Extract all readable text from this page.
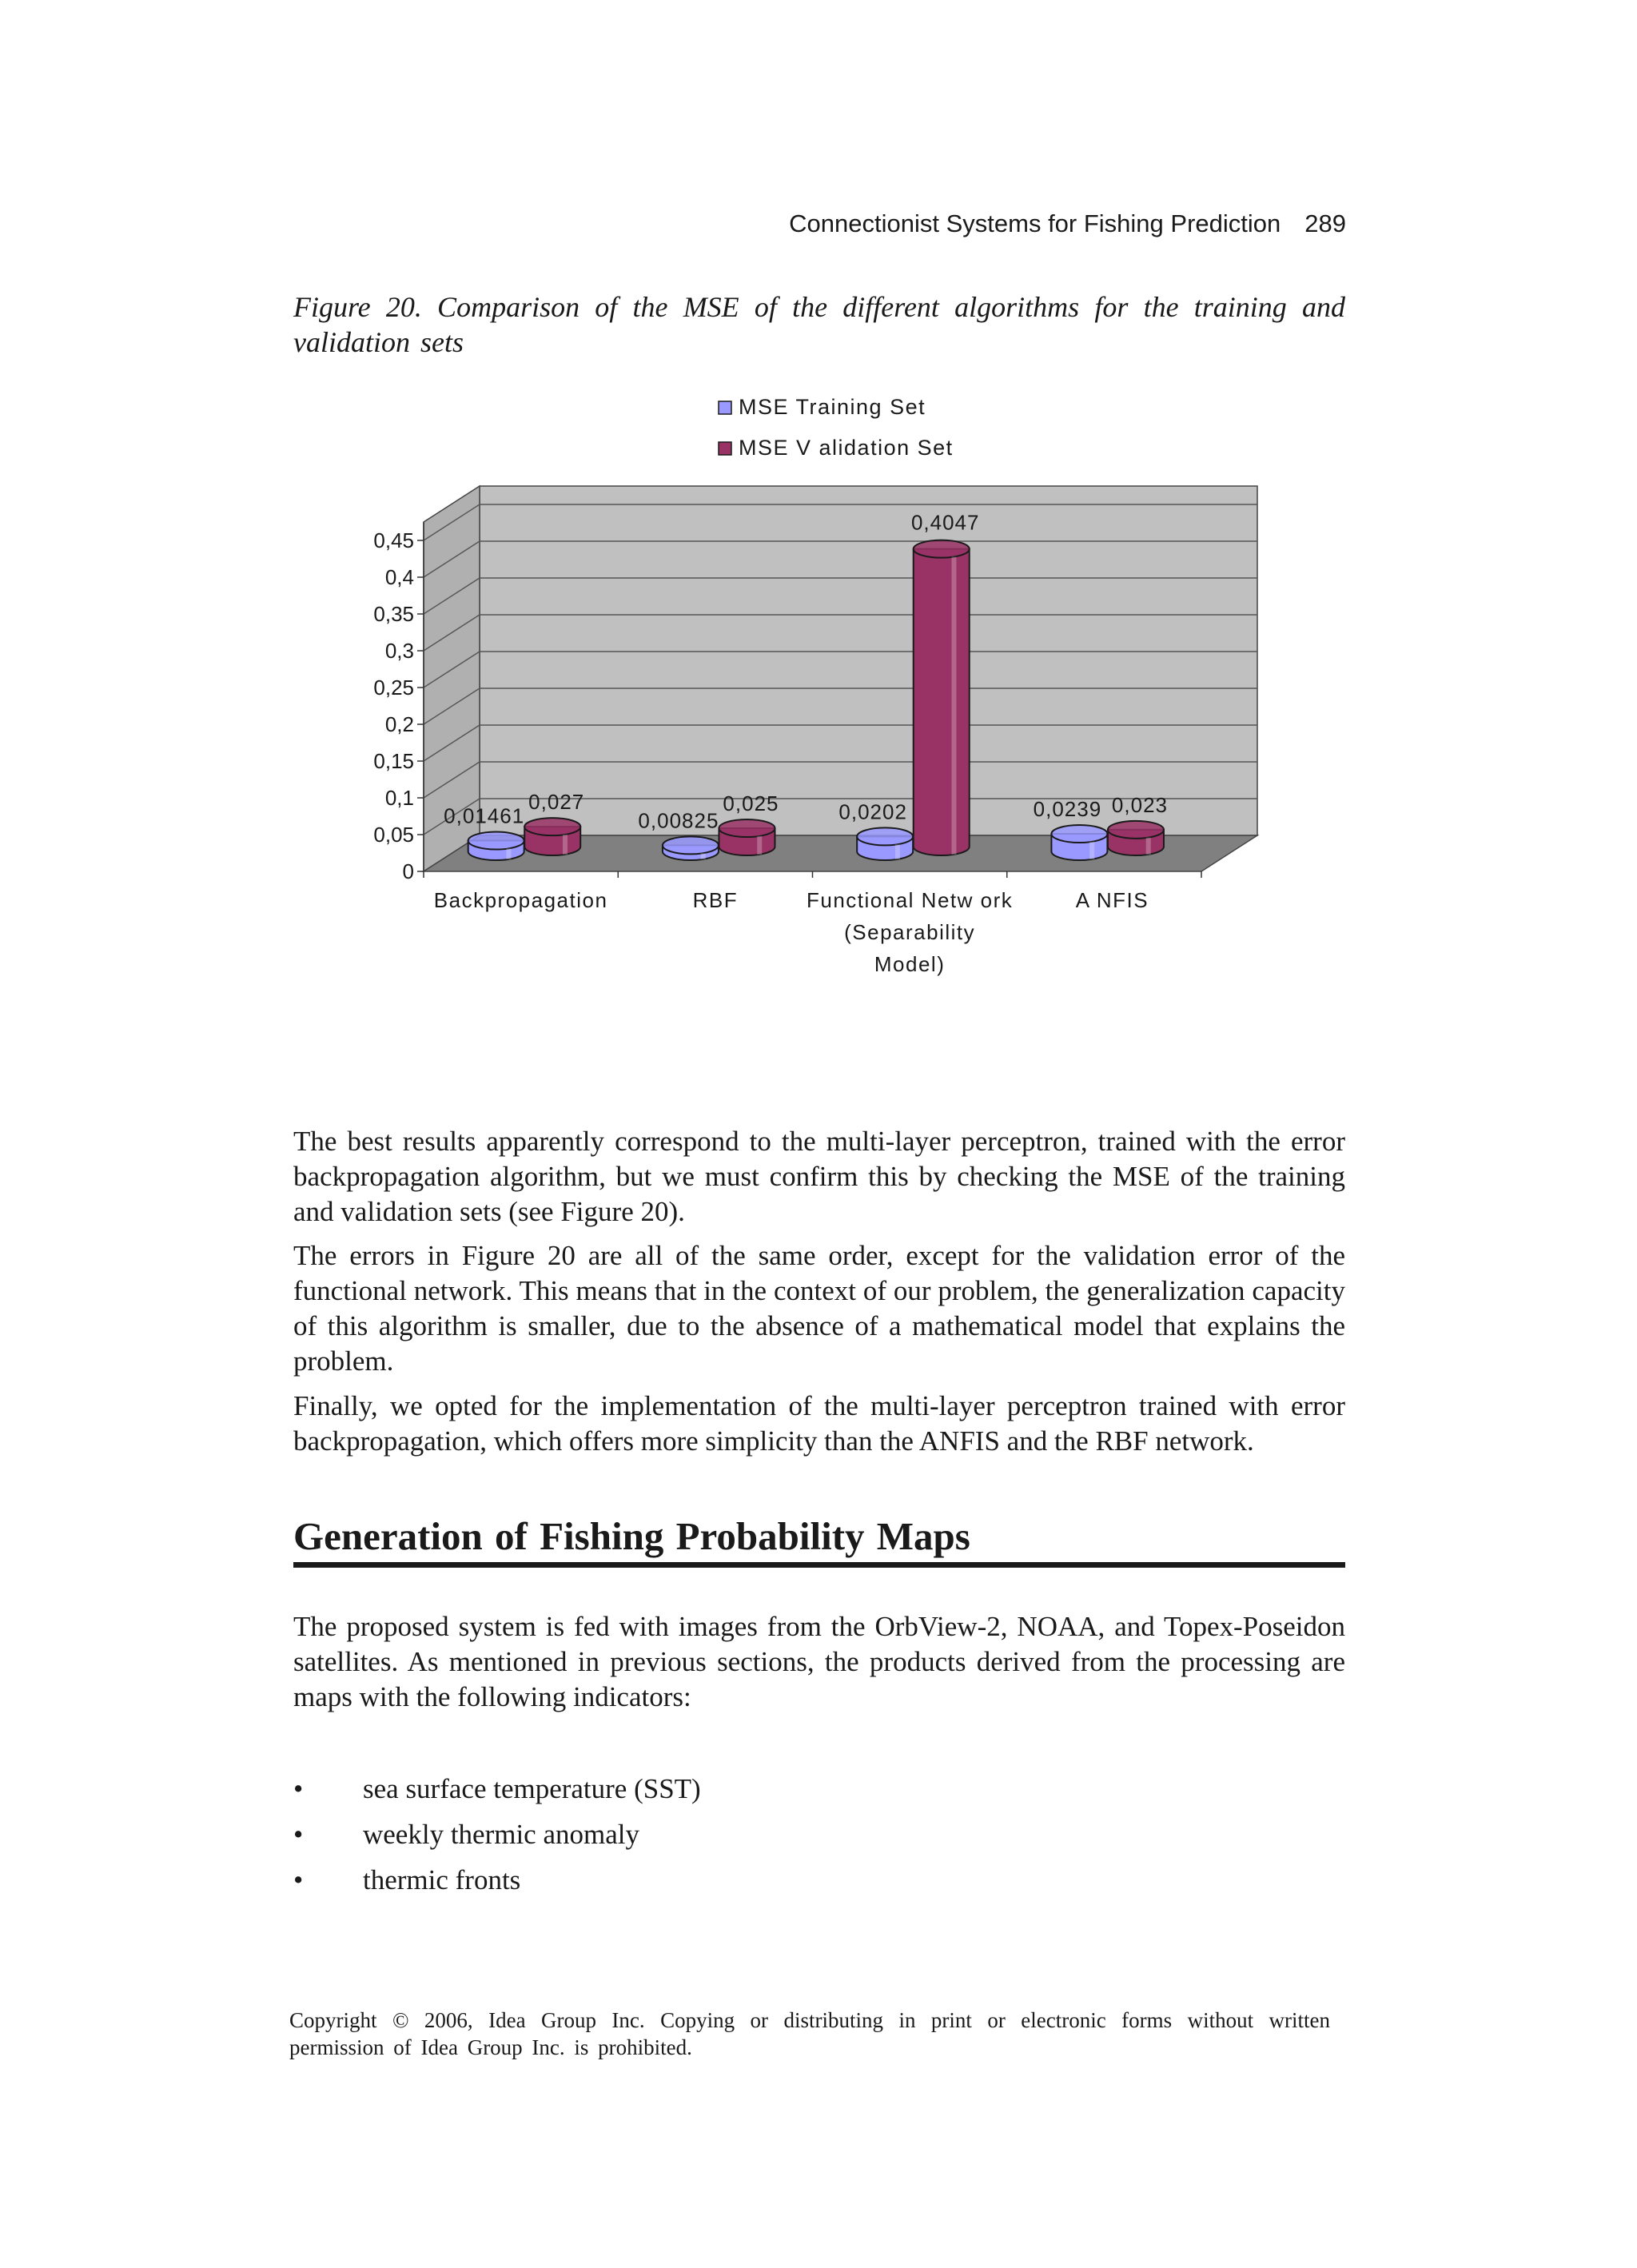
Connectionist Systems for Fishing Prediction 289
Figure 20. Comparison of the MSE of the different algorithms for the training and validation sets
0
0,05
0,1
0,15
0,2
0,25
0,3
0,35
0,4
0,45
0,01461	0,00825	0,0202	0,0239
0,027	0,025
0,4047
0,023
Backpropagation	RBF	Functional Netw ork
(Separability
Model)
A NFIS
MSE Training Set
MSE V alidation Set

The best results apparently correspond to the multi-layer perceptron, trained with the error backpropagation algorithm, but we must confirm this by checking the MSE of the training and validation sets (see Figure 20).

The errors in Figure 20 are all of the same order, except for the validation error of the functional network. This means that in the context of our problem, the generalization capacity of this algorithm is smaller, due to the absence of a mathematical model that explains the problem.

Finally, we opted for the implementation of the multi-layer perceptron trained with error backpropagation, which offers more simplicity than the ANFIS and the RBF network.

Generation of Fishing Probability Maps

The proposed system is fed with images from the OrbView-2, NOAA, and Topex-Poseidon satellites. As mentioned in previous sections, the products derived from the processing are maps with the following indicators:

•	sea surface temperature (SST)
•	weekly thermic anomaly
•	thermic fronts
Copyright © 2006, Idea Group Inc. Copying or distributing in print or electronic forms without written permission of Idea Group Inc. is prohibited.
